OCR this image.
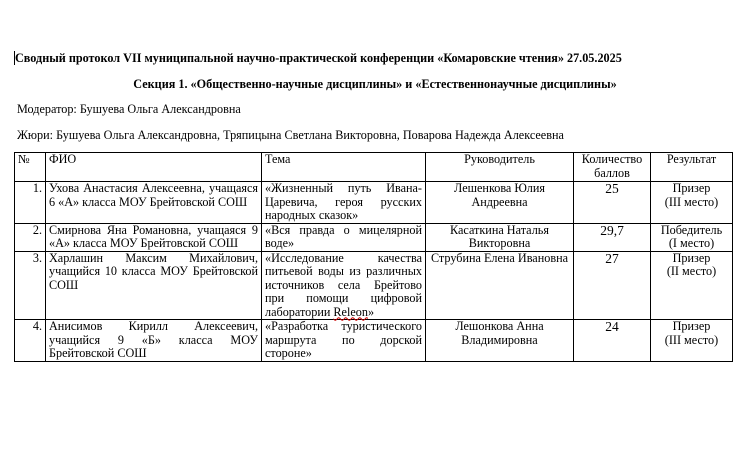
Сводный протокол VII муниципальной научно-практической конференции «Комаровские чтения» 27.05.2025
Секция 1. «Общественно-научные дисциплины» и «Естественнонаучные дисциплины»
Модератор: Бушуева Ольга Александровна
Жюри: Бушуева Ольга Александровна, Тряпицына Светлана Викторовна, Поварова Надежда Алексеевна
№	ФИО	Тема	Руководитель	Количество баллов	Результат
1.	Ухова Анастасия Алексеевна, учащаяся 6 «А» класса МОУ Брейтовской СОШ	«Жизненный путь Ивана-Царевича, героя русских народных сказок»	Лешенкова Юлия Андреевна	25	Призер
(III место)

2.	Смирнова Яна Романовна, учащаяся 9 «А» класса МОУ Брейтовской СОШ	«Вся правда о мицелярной воде»	Касаткина Наталья Викторовна	29,7	Победитель
(I место)

3.	Харлашин Максим Михайлович, учащийся 10 класса МОУ Брейтовской СОШ	«Исследование качества питьевой воды из различных источников села Брейтово при помощи цифровой лаборатории Releon»	Струбина Елена Ивановна	27	Призер
(II место)

4.	Анисимов Кирилл Алексеевич, учащийся 9 «Б» класса МОУ Брейтовской СОШ	«Разработка туристического маршрута по дорской стороне»	Лешонкова Анна Владимировна	24	Призер
(III место)
